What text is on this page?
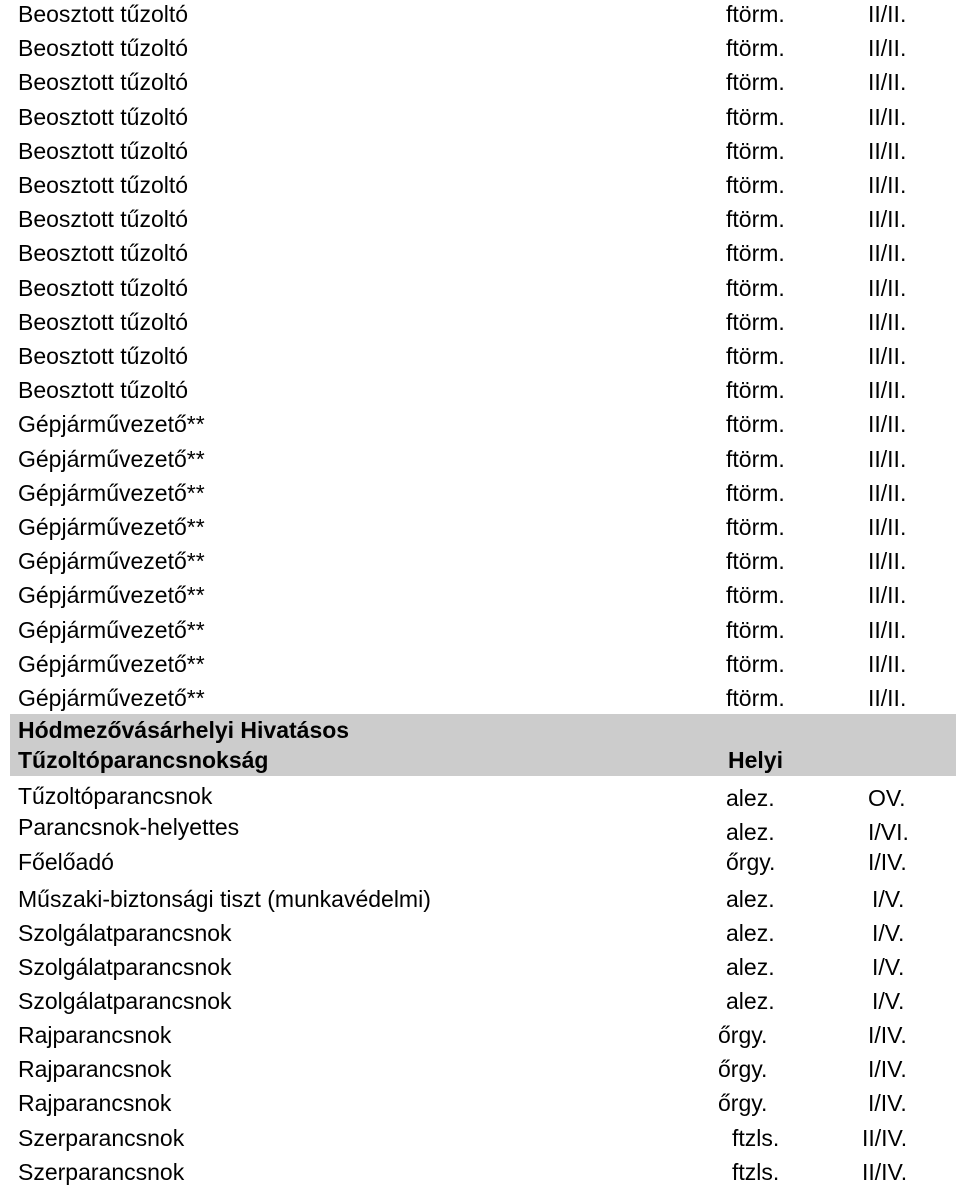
Beosztott tűzoltó	ftörm.	II/II.
Beosztott tűzoltó	ftörm.	II/II.
Beosztott tűzoltó	ftörm.	II/II.
Beosztott tűzoltó	ftörm.	II/II.
Beosztott tűzoltó	ftörm.	II/II.
Beosztott tűzoltó	ftörm.	II/II.
Beosztott tűzoltó	ftörm.	II/II.
Beosztott tűzoltó	ftörm.	II/II.
Beosztott tűzoltó	ftörm.	II/II.
Beosztott tűzoltó	ftörm.	II/II.
Beosztott tűzoltó	ftörm.	II/II.
Beosztott tűzoltó	ftörm.	II/II.
Gépjárművezető**	ftörm.	II/II.
Gépjárművezető**	ftörm.	II/II.
Gépjárművezető**	ftörm.	II/II.
Gépjárművezető**	ftörm.	II/II.
Gépjárművezető**	ftörm.	II/II.
Gépjárművezető**	ftörm.	II/II.
Gépjárművezető**	ftörm.	II/II.
Gépjárművezető**	ftörm.	II/II.
Gépjárművezető**	ftörm.	II/II.
Hódmezővásárhelyi Hivatásos
Tűzoltóparancsnokság	Helyi
Tűzoltóparancsnok	alez.	OV.
Parancsnok-helyettes	alez.	I/VI.
Főelőadó	őrgy.	I/IV.
Műszaki-biztonsági tiszt (munkavédelmi)	alez.	I/V.
Szolgálatparancsnok	alez.	I/V.
Szolgálatparancsnok	alez.	I/V.
Szolgálatparancsnok	alez.	I/V.
Rajparancsnok	őrgy.	I/IV.
Rajparancsnok	őrgy.	I/IV.
Rajparancsnok	őrgy.	I/IV.
Szerparancsnok	ftzls.	II/IV.
Szerparancsnok	ftzls.	II/IV.
